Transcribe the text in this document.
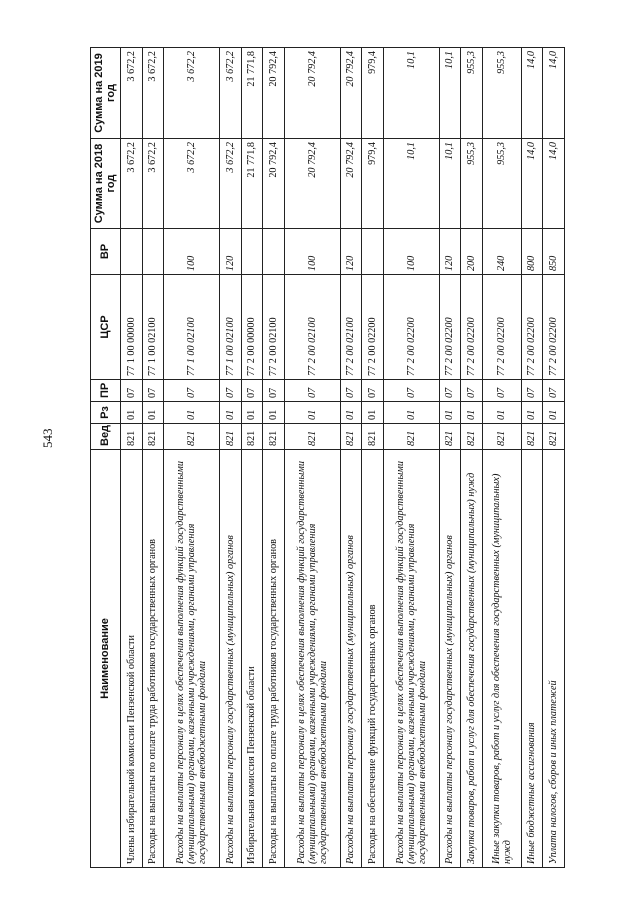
543
Наименование	Вед	Рз	ПР	ЦСР	ВР	Сумма на 2018 год	Сумма на 2019 год
Члены избирательной комиссии Пензенской области	821	01	07	77 1 00 00000		3 672,2	3 672,2
Расходы на выплаты по оплате труда работников государственных органов	821	01	07	77 1 00 02100		3 672,2	3 672,2
Расходы на выплаты персоналу в целях обеспечения выполнения функций государственными (муниципальными) органами, казенными учреждениями, органами управления государственными внебюджетными фондами	821	01	07	77 1 00 02100	100	3 672,2	3 672,2
Расходы на выплаты персоналу государственных (муниципальных) органов	821	01	07	77 1 00 02100	120	3 672,2	3 672,2
Избирательная комиссия Пензенской области	821	01	07	77 2 00 00000		21 771,8	21 771,8
Расходы на выплаты по оплате труда работников государственных органов	821	01	07	77 2 00 02100		20 792,4	20 792,4
Расходы на выплаты персоналу в целях обеспечения выполнения функций государственными (муниципальными) органами, казенными учреждениями, органами управления государственными внебюджетными фондами	821	01	07	77 2 00 02100	100	20 792,4	20 792,4
Расходы на выплаты персоналу государственных (муниципальных) органов	821	01	07	77 2 00 02100	120	20 792,4	20 792,4
Расходы на обеспечение функций государственных органов	821	01	07	77 2 00 02200		979,4	979,4
Расходы на выплаты персоналу в целях обеспечения выполнения функций государственными (муниципальными) органами, казенными учреждениями, органами управления государственными внебюджетными фондами	821	01	07	77 2 00 02200	100	10,1	10,1
Расходы на выплаты персоналу государственных (муниципальных) органов	821	01	07	77 2 00 02200	120	10,1	10,1
Закупка товаров, работ и услуг для обеспечения государственных (муниципальных) нужд	821	01	07	77 2 00 02200	200	955,3	955,3
Иные закупки товаров, работ и услуг для обеспечения государственных (муниципальных) нужд	821	01	07	77 2 00 02200	240	955,3	955,3
Иные бюджетные ассигнования	821	01	07	77 2 00 02200	800	14,0	14,0
Уплата налогов, сборов и иных платежей	821	01	07	77 2 00 02200	850	14,0	14,0
